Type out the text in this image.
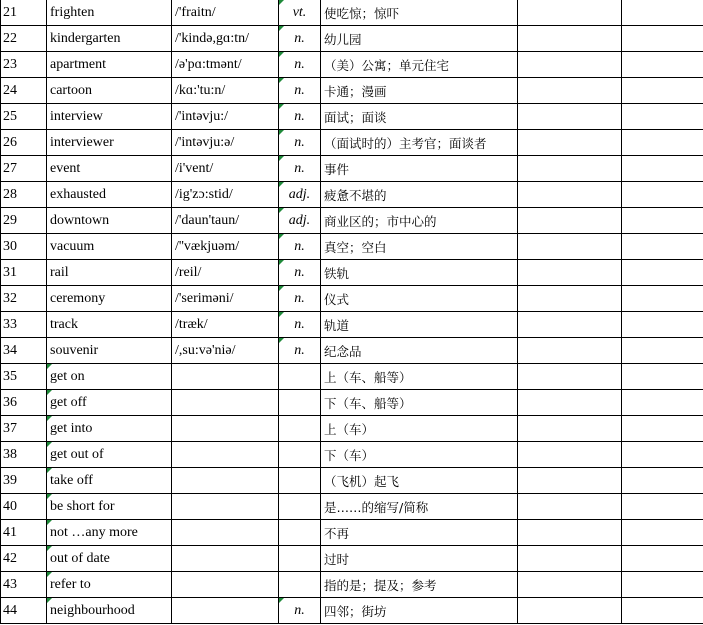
21	frighten	/'fraitn/	vt.	使吃惊；惊吓		
22	kindergarten	/'kində,gɑ:tn/	n.	幼儿园		
23	apartment	/ə'pɑ:tmənt/	n.	（美）公寓；单元住宅		
24	cartoon	/kɑ:'tu:n/	n.	卡通；漫画		
25	interview	/'intəvju:/	n.	面试；面谈		
26	interviewer	/'intəvju:ə/	n.	（面试时的）主考官；面谈者		
27	event	/i'vent/	n.	事件		
28	exhausted	/ig'zɔ:stid/	adj.	疲惫不堪的		
29	downtown	/'daun'taun/	adj.	商业区的；市中心的		
30	vacuum	/''vækjuəm/	n.	真空；空白		
31	rail	/reil/	n.	铁轨		
32	ceremony	/'seriməni/	n.	仪式		
33	track	/træk/	n.	轨道		
34	souvenir	/,su:və'niə/	n.	纪念品		
35	get on			上（车、船等）		
36	get off			下（车、船等）		
37	get into			上（车）		
38	get out of			下（车）		
39	take off			（飞机）起飞		
40	be short for			是……的缩写/简称		
41	not …any more			不再		
42	out of date			过时		
43	refer to			指的是；提及；参考		
44	neighbourhood		n.	四邻；街坊		
